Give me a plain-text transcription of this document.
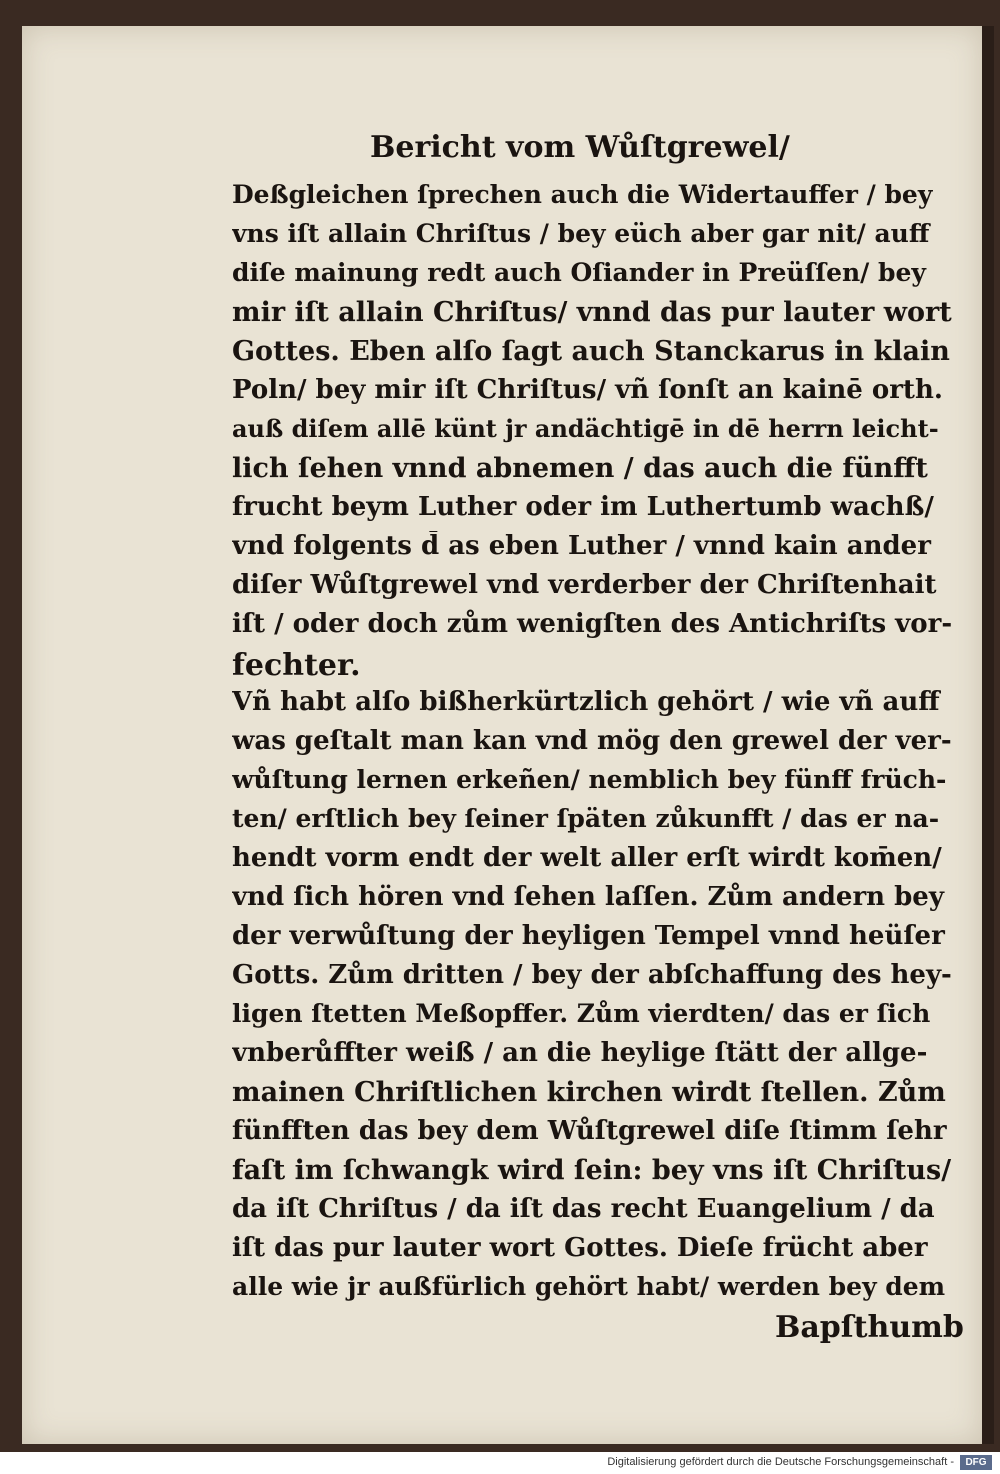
Bericht vom Wůſtgrewel/
Deßgleichen ſprechen auch die Widertauffer / bey
vns iſt allain Chriſtus / bey eüch aber gar nit/ auff
diſe mainung redt auch Oſiander in Preüſſen/ bey
mir iſt allain Chriſtus/ vnnd das pur lauter wort
Gottes. Eben alſo ſagt auch Stanckarus in klain
Poln/ bey mir iſt Chriſtus/ vñ ſonſt an kainē orth.
auß diſem allē künt jr andächtigē in dē herrn leicht-
lich ſehen vnnd abnemen / das auch die fünfft
frucht beym Luther oder im Luthertumb wachß/
vnd folgents d̄ as eben Luther / vnnd kain ander
diſer Wůſtgrewel vnd verderber der Chriſtenhait
iſt / oder doch zům wenigſten des Antichriſts vor-
fechter.
Vñ habt alſo bißherkürtzlich gehört / wie vñ auff
was geſtalt man kan vnd mög den grewel der ver-
wůſtung lernen erkeñen/ nemblich bey fünff früch-
ten/ erſtlich bey ſeiner ſpäten zůkunfft / das er na-
hendt vorm endt der welt aller erſt wirdt kom̄en/
vnd ſich hören vnd ſehen laſſen. Zům andern bey
der verwůſtung der heyligen Tempel vnnd heüſer
Gotts. Zům dritten / bey der abſchaffung des hey-
ligen ſtetten Meßopffer. Zům vierdten/ das er ſich
vnberůffter weiß / an die heylige ſtätt der allge-
mainen Chriſtlichen kirchen wirdt ſtellen. Zům
fünfften das bey dem Wůſtgrewel diſe ſtimm ſehr
faſt im ſchwangk wird ſein: bey vns iſt Chriſtus/
da iſt Chriſtus / da iſt das recht Euangelium / da
iſt das pur lauter wort Gottes. Dieſe frücht aber
alle wie jr außfürlich gehört habt/ werden bey dem
Bapſthumb
Digitalisierung gefördert durch die Deutsche Forschungsgemeinschaft -	DFG
